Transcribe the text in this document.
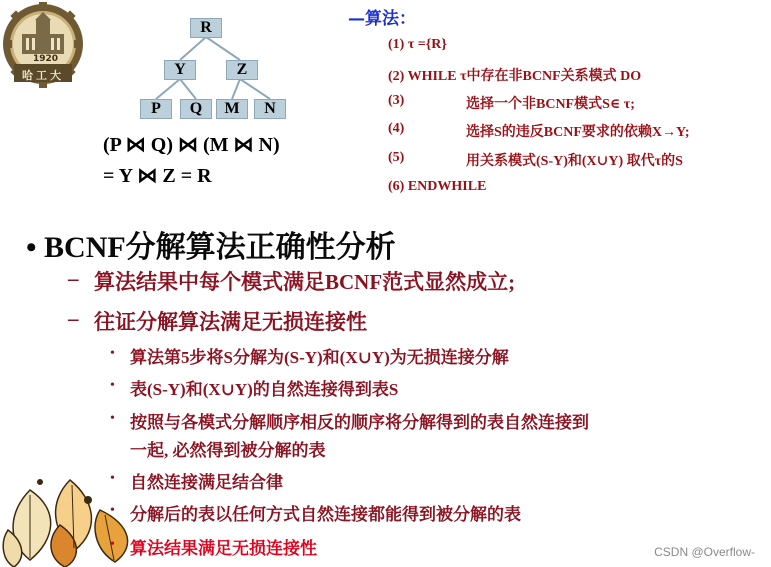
1920
哈工大
R
Y	Z
P	Q	M	N
(P ⋈ Q) ⋈ (M ⋈ N)
= Y ⋈ Z = R
—算法：
(1) τ ={R}
(2) WHILE τ中存在非BCNF关系模式 DO
(3)	选择一个非BCNF模式S∈ τ;
(4)	选择S的违反BCNF要求的依赖X→Y;
(5)	用关系模式(S-Y)和(X∪Y) 取代τ的S
(6) ENDWHILE
• BCNF分解算法正确性分析
– 算法结果中每个模式满足BCNF范式显然成立;
– 往证分解算法满足无损连接性
• 算法第5步将S分解为(S-Y)和(X∪Y)为无损连接分解
• 表(S-Y)和(X∪Y)的自然连接得到表S
• 按照与各模式分解顺序相反的顺序将分解得到的表自然连接到
一起, 必然得到被分解的表
• 自然连接满足结合律
• 分解后的表以任何方式自然连接都能得到被分解的表
• 算法结果满足无损连接性	CSDN @Overflow-
